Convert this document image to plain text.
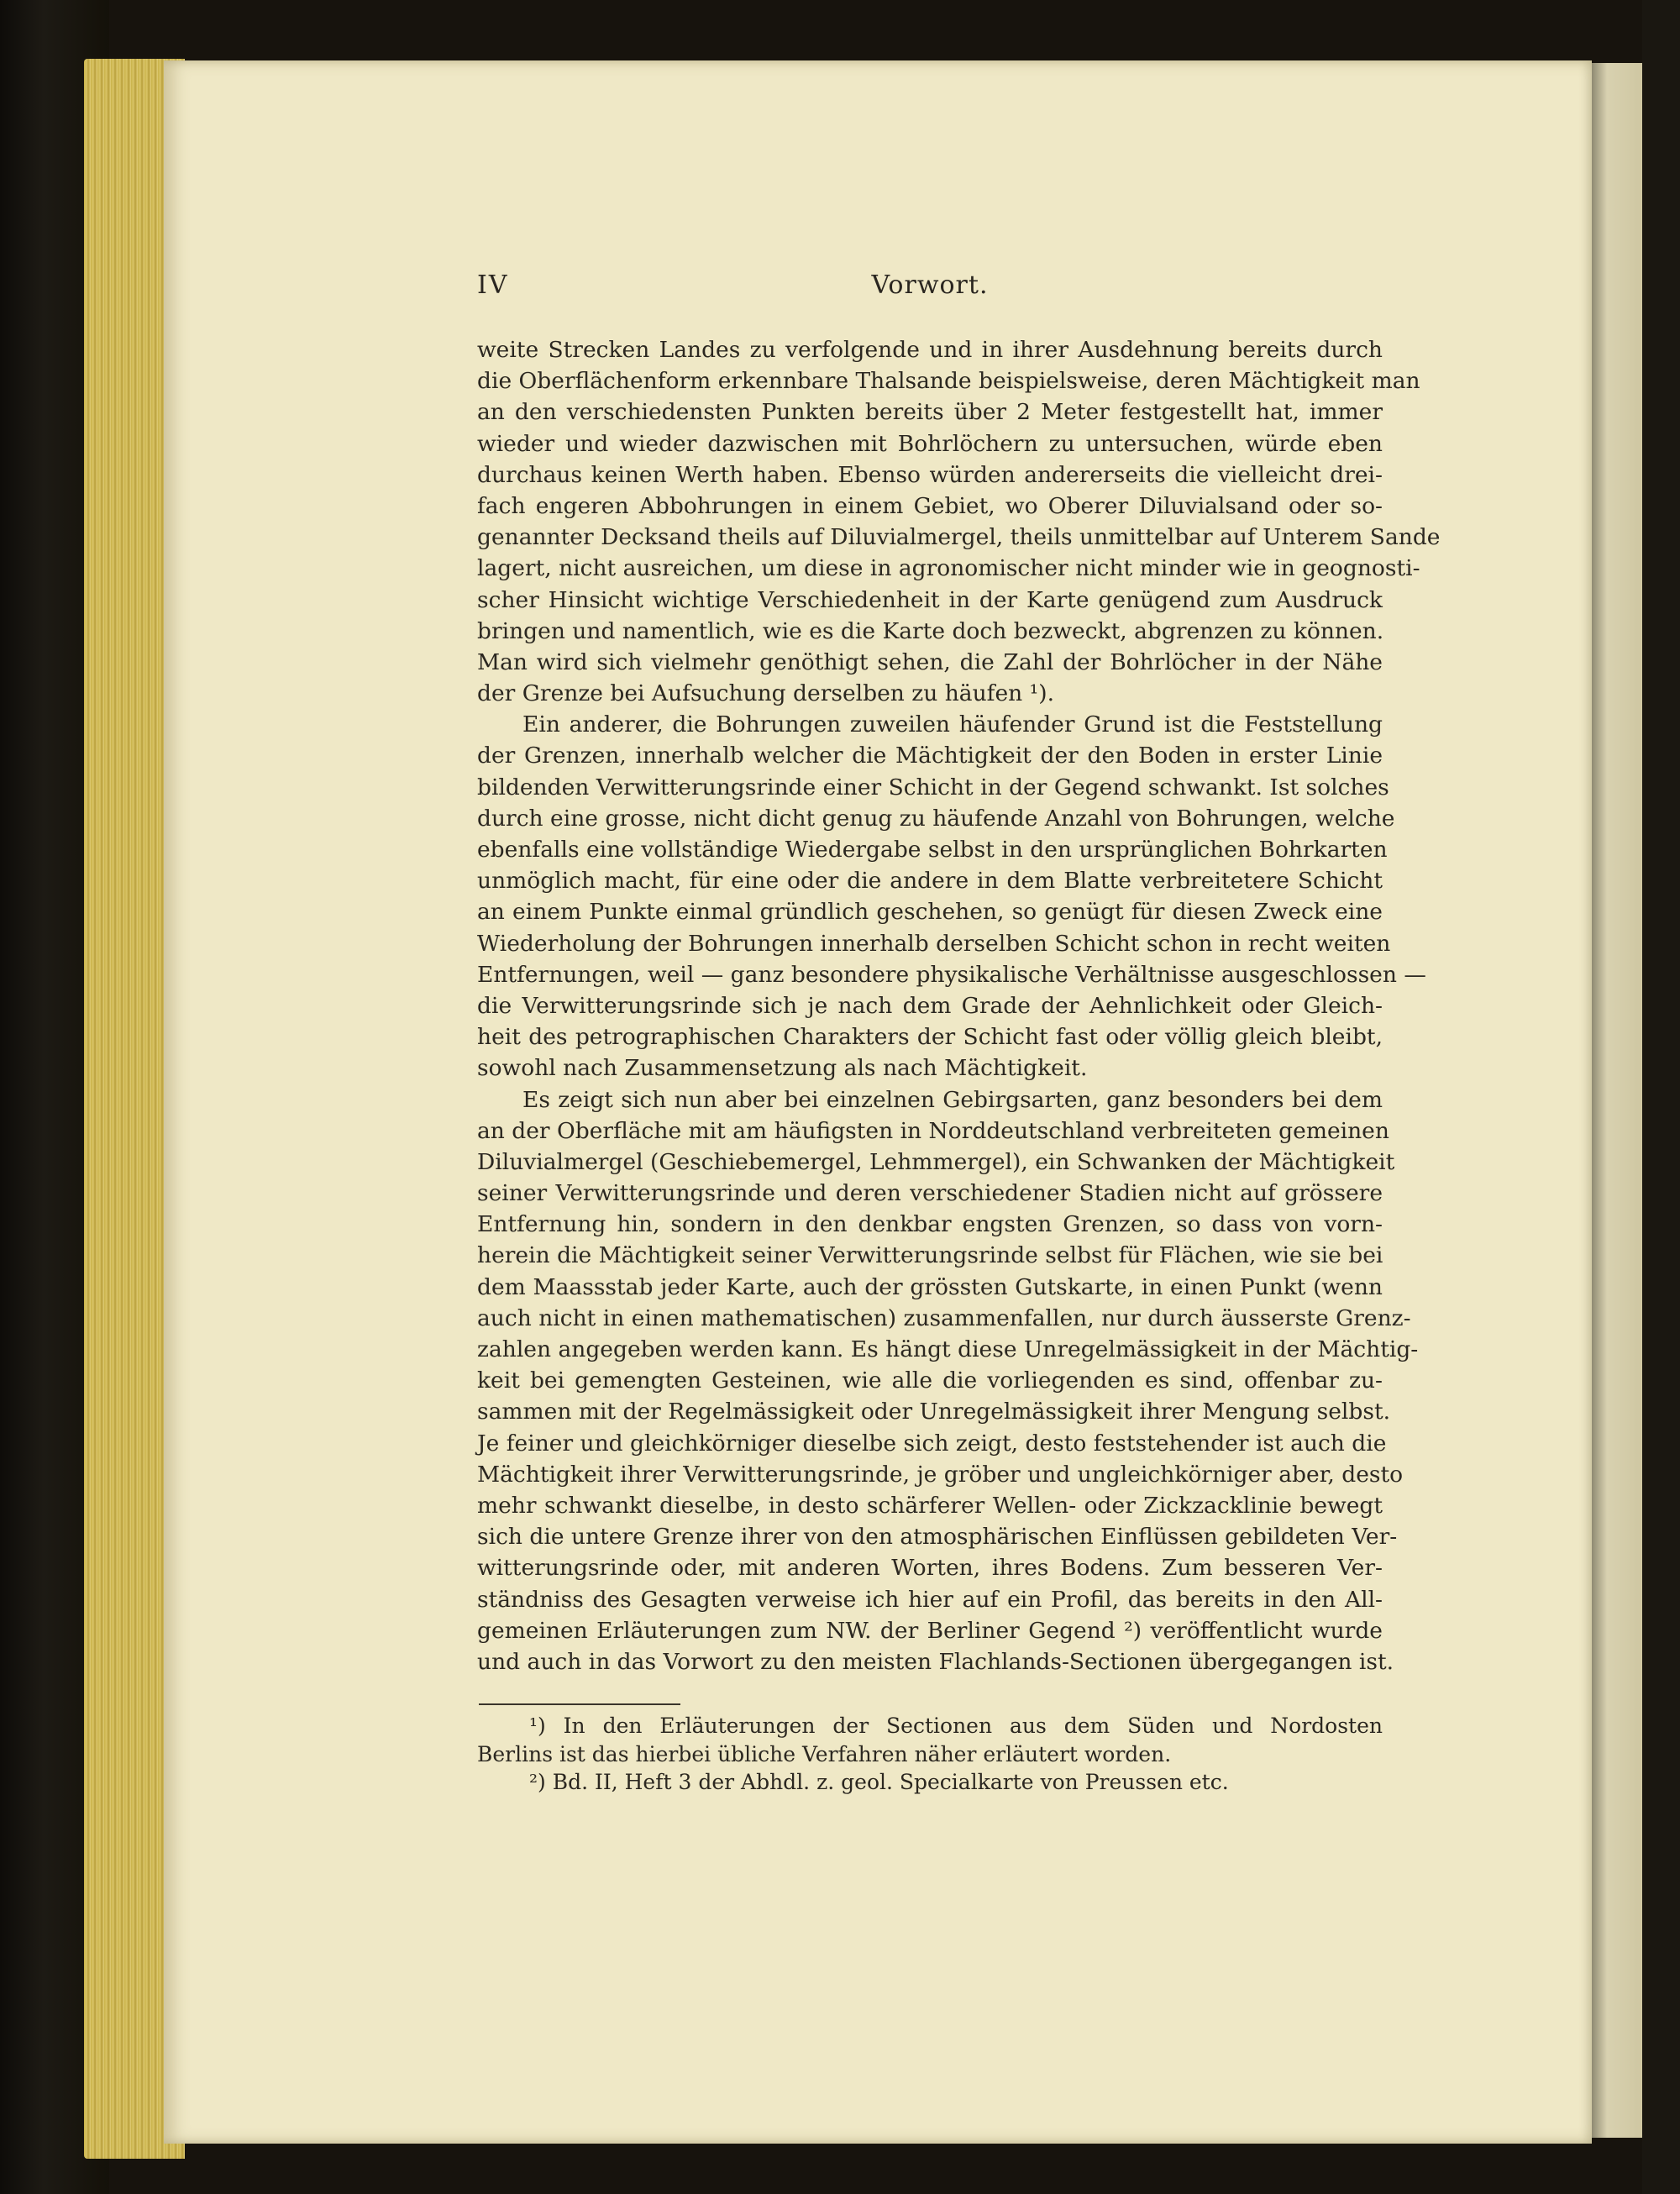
IV	Vorwort.
weite Strecken Landes zu verfolgende und in ihrer Ausdehnung bereits durch
die Oberflächenform erkennbare Thalsande beispielsweise, deren Mächtigkeit man
an den verschiedensten Punkten bereits über 2 Meter festgestellt hat, immer
wieder und wieder dazwischen mit Bohrlöchern zu untersuchen, würde eben
durchaus keinen Werth haben. Ebenso würden andererseits die vielleicht drei-
fach engeren Abbohrungen in einem Gebiet, wo Oberer Diluvialsand oder so-
genannter Decksand theils auf Diluvialmergel, theils unmittelbar auf Unterem Sande
lagert, nicht ausreichen, um diese in agronomischer nicht minder wie in geognosti-
scher Hinsicht wichtige Verschiedenheit in der Karte genügend zum Ausdruck
bringen und namentlich, wie es die Karte doch bezweckt, abgrenzen zu können.
Man wird sich vielmehr genöthigt sehen, die Zahl der Bohrlöcher in der Nähe
der Grenze bei Aufsuchung derselben zu häufen ¹).
Ein anderer, die Bohrungen zuweilen häufender Grund ist die Feststellung
der Grenzen, innerhalb welcher die Mächtigkeit der den Boden in erster Linie
bildenden Verwitterungsrinde einer Schicht in der Gegend schwankt. Ist solches
durch eine grosse, nicht dicht genug zu häufende Anzahl von Bohrungen, welche
ebenfalls eine vollständige Wiedergabe selbst in den ursprünglichen Bohrkarten
unmöglich macht, für eine oder die andere in dem Blatte verbreitetere Schicht
an einem Punkte einmal gründlich geschehen, so genügt für diesen Zweck eine
Wiederholung der Bohrungen innerhalb derselben Schicht schon in recht weiten
Entfernungen, weil — ganz besondere physikalische Verhältnisse ausgeschlossen —
die Verwitterungsrinde sich je nach dem Grade der Aehnlichkeit oder Gleich-
heit des petrographischen Charakters der Schicht fast oder völlig gleich bleibt,
sowohl nach Zusammensetzung als nach Mächtigkeit.
Es zeigt sich nun aber bei einzelnen Gebirgsarten, ganz besonders bei dem
an der Oberfläche mit am häufigsten in Norddeutschland verbreiteten gemeinen
Diluvialmergel (Geschiebemergel, Lehmmergel), ein Schwanken der Mächtigkeit
seiner Verwitterungsrinde und deren verschiedener Stadien nicht auf grössere
Entfernung hin, sondern in den denkbar engsten Grenzen, so dass von vorn-
herein die Mächtigkeit seiner Verwitterungsrinde selbst für Flächen, wie sie bei
dem Maassstab jeder Karte, auch der grössten Gutskarte, in einen Punkt (wenn
auch nicht in einen mathematischen) zusammenfallen, nur durch äusserste Grenz-
zahlen angegeben werden kann. Es hängt diese Unregelmässigkeit in der Mächtig-
keit bei gemengten Gesteinen, wie alle die vorliegenden es sind, offenbar zu-
sammen mit der Regelmässigkeit oder Unregelmässigkeit ihrer Mengung selbst.
Je feiner und gleichkörniger dieselbe sich zeigt, desto feststehender ist auch die
Mächtigkeit ihrer Verwitterungsrinde, je gröber und ungleichkörniger aber, desto
mehr schwankt dieselbe, in desto schärferer Wellen- oder Zickzacklinie bewegt
sich die untere Grenze ihrer von den atmosphärischen Einflüssen gebildeten Ver-
witterungsrinde oder, mit anderen Worten, ihres Bodens. Zum besseren Ver-
ständniss des Gesagten verweise ich hier auf ein Profil, das bereits in den All-
gemeinen Erläuterungen zum NW. der Berliner Gegend ²) veröffentlicht wurde
und auch in das Vorwort zu den meisten Flachlands-Sectionen übergegangen ist.
¹) In den Erläuterungen der Sectionen aus dem Süden und Nordosten
Berlins ist das hierbei übliche Verfahren näher erläutert worden.
²) Bd. II, Heft 3 der Abhdl. z. geol. Specialkarte von Preussen etc.
